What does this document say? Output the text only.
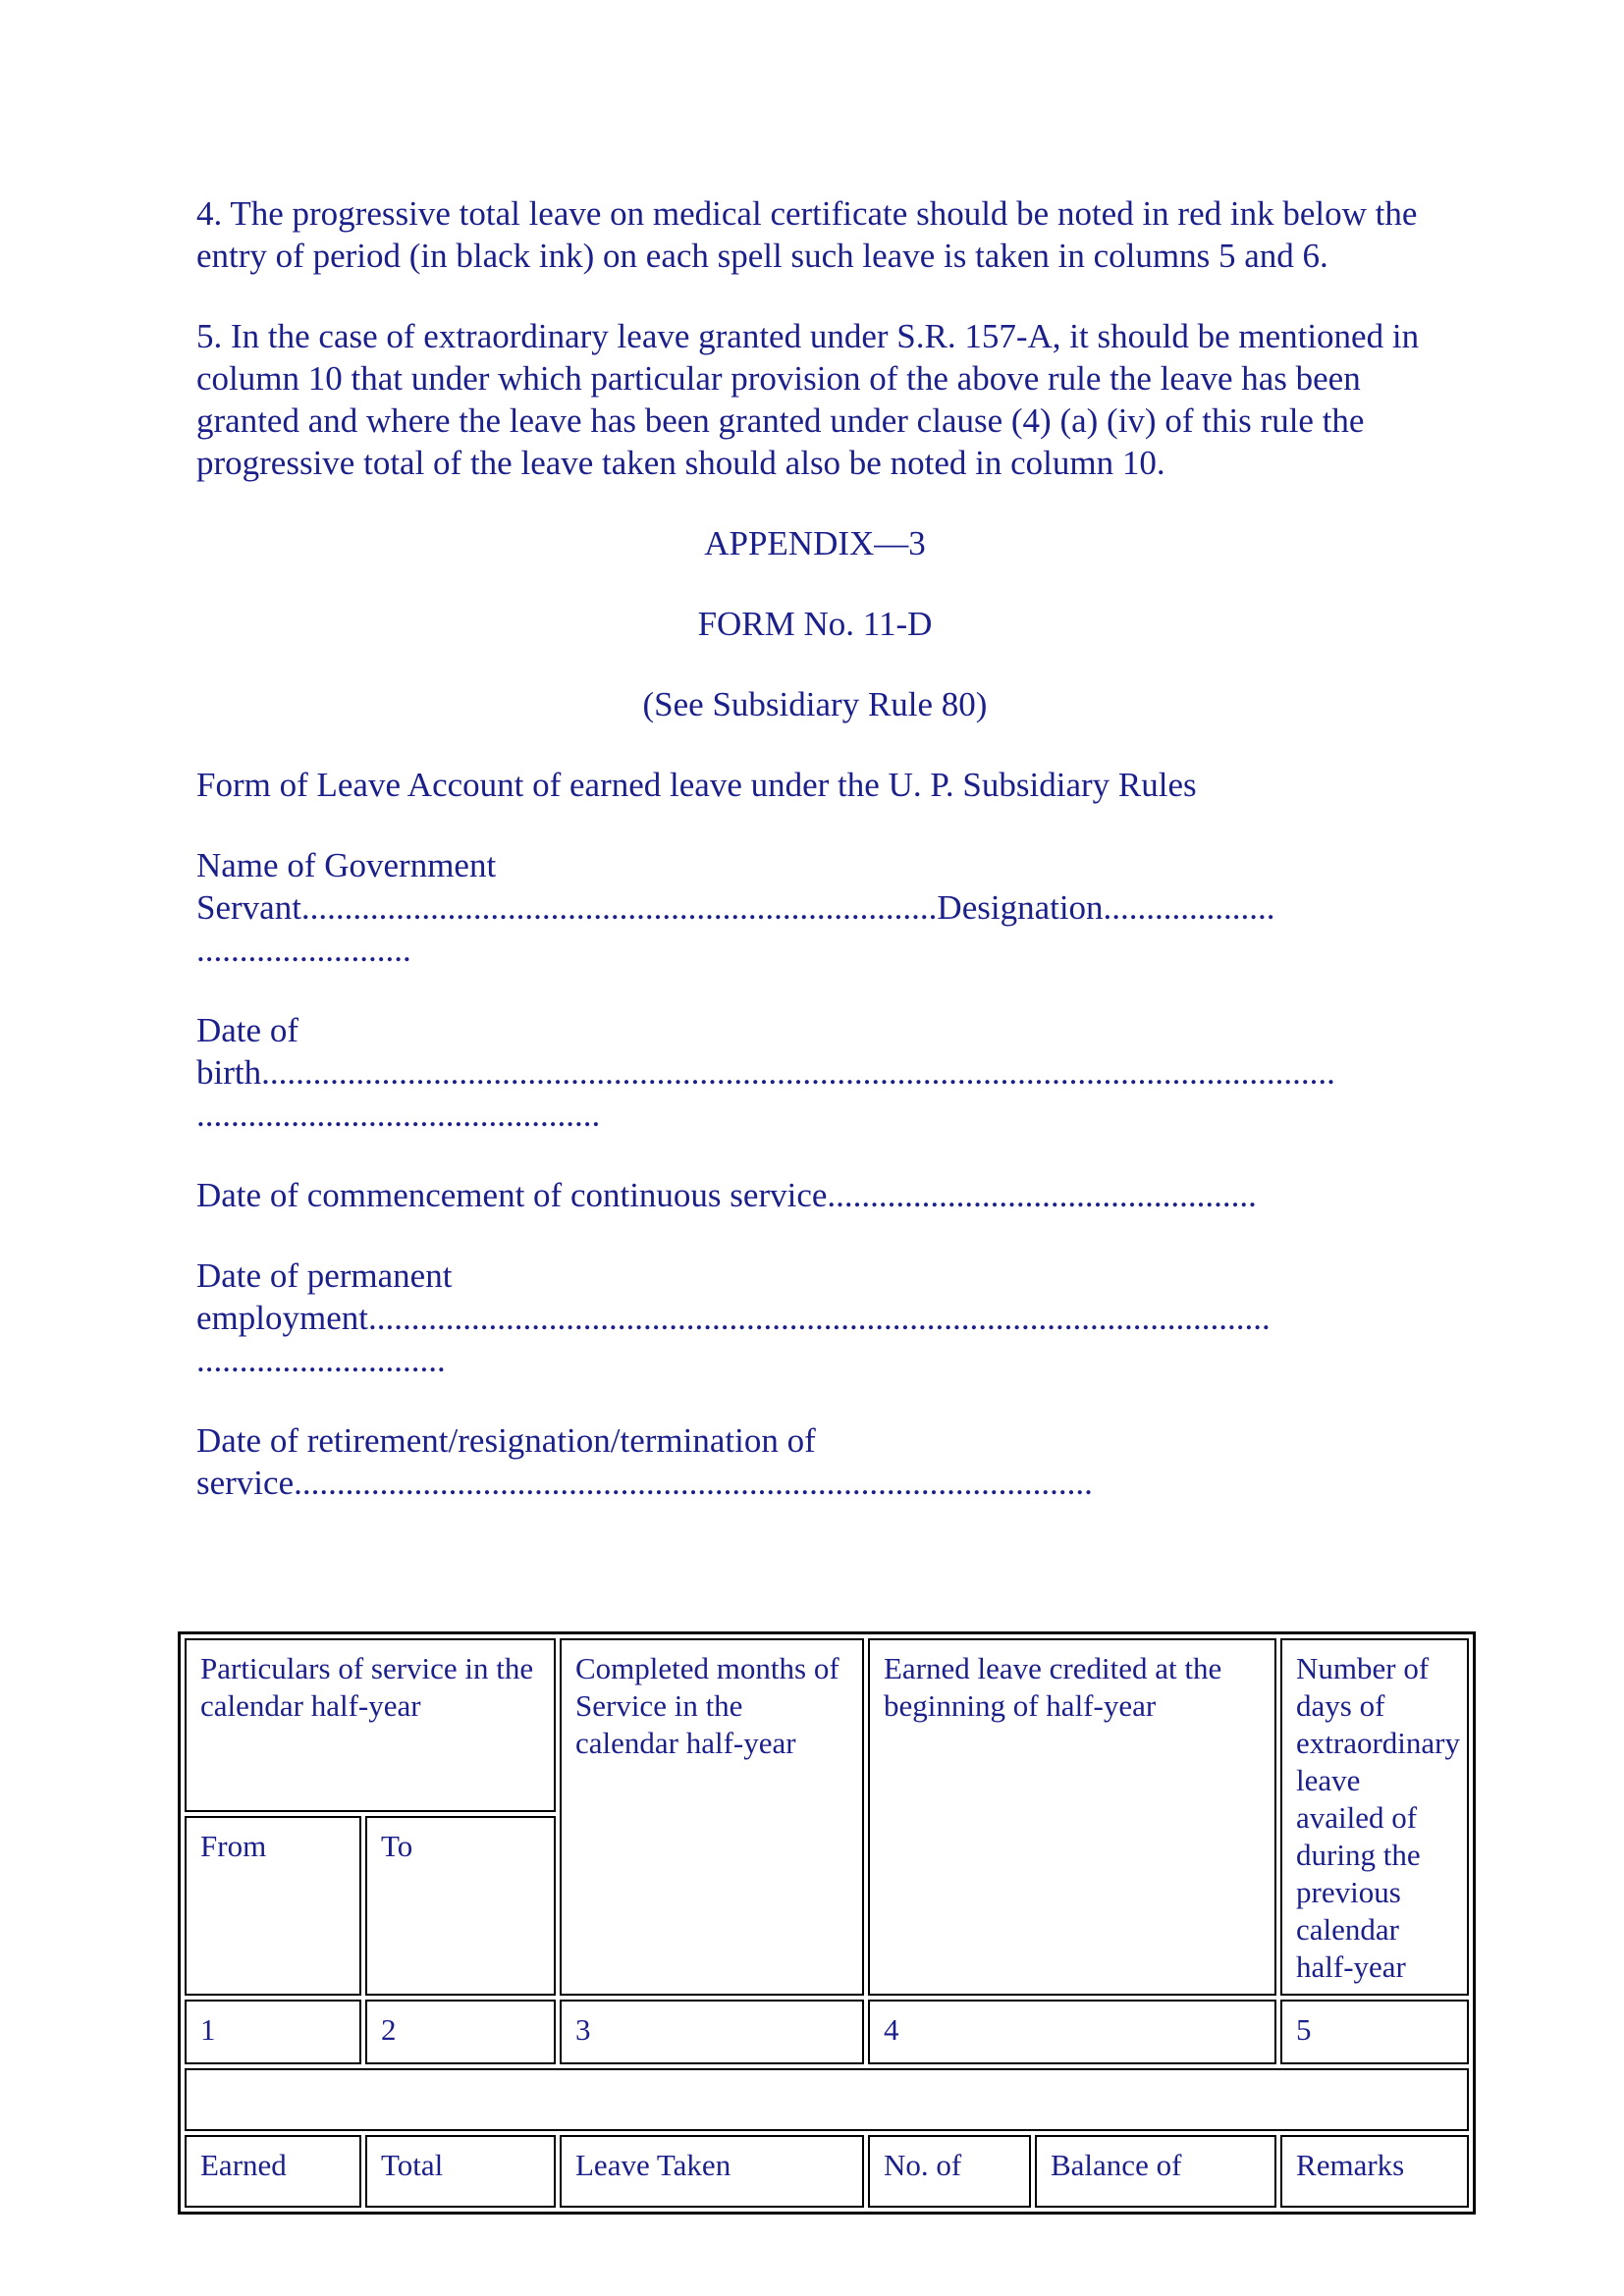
4. The progressive total leave on medical certificate should be noted in red ink below the entry of period (in black ink) on each spell such leave is taken in columns 5 and 6.

5. In the case of extraordinary leave granted under S.R. 157-A, it should be mentioned in column 10 that under which particular provision of the above rule the leave has been granted and where the leave has been granted under clause (4) (a) (iv) of this rule the progressive total of the leave taken should also be noted in column 10.

APPENDIX—3

FORM No. 11-D

(See Subsidiary Rule 80)

Form of Leave Account of earned leave under the U. P. Subsidiary Rules

Name of Government
Servant..........................................................................Designation....................
.........................
Date of
birth.............................................................................................................................
...............................................
Date of commencement of continuous service..................................................
Date of permanent
employment.........................................................................................................
.............................
Date of retirement/resignation/termination of
service.............................................................................................
Particulars of service in the calendar half-year		Completed months of Service in the calendar half-year	Earned leave credited at the beginning of half-year		Number of days of extraordinary leave availed of during the previous calendar half-year
From	To				
1	2	3	4		5

Earned	Total	Leave Taken	No. of	Balance of	Remarks
